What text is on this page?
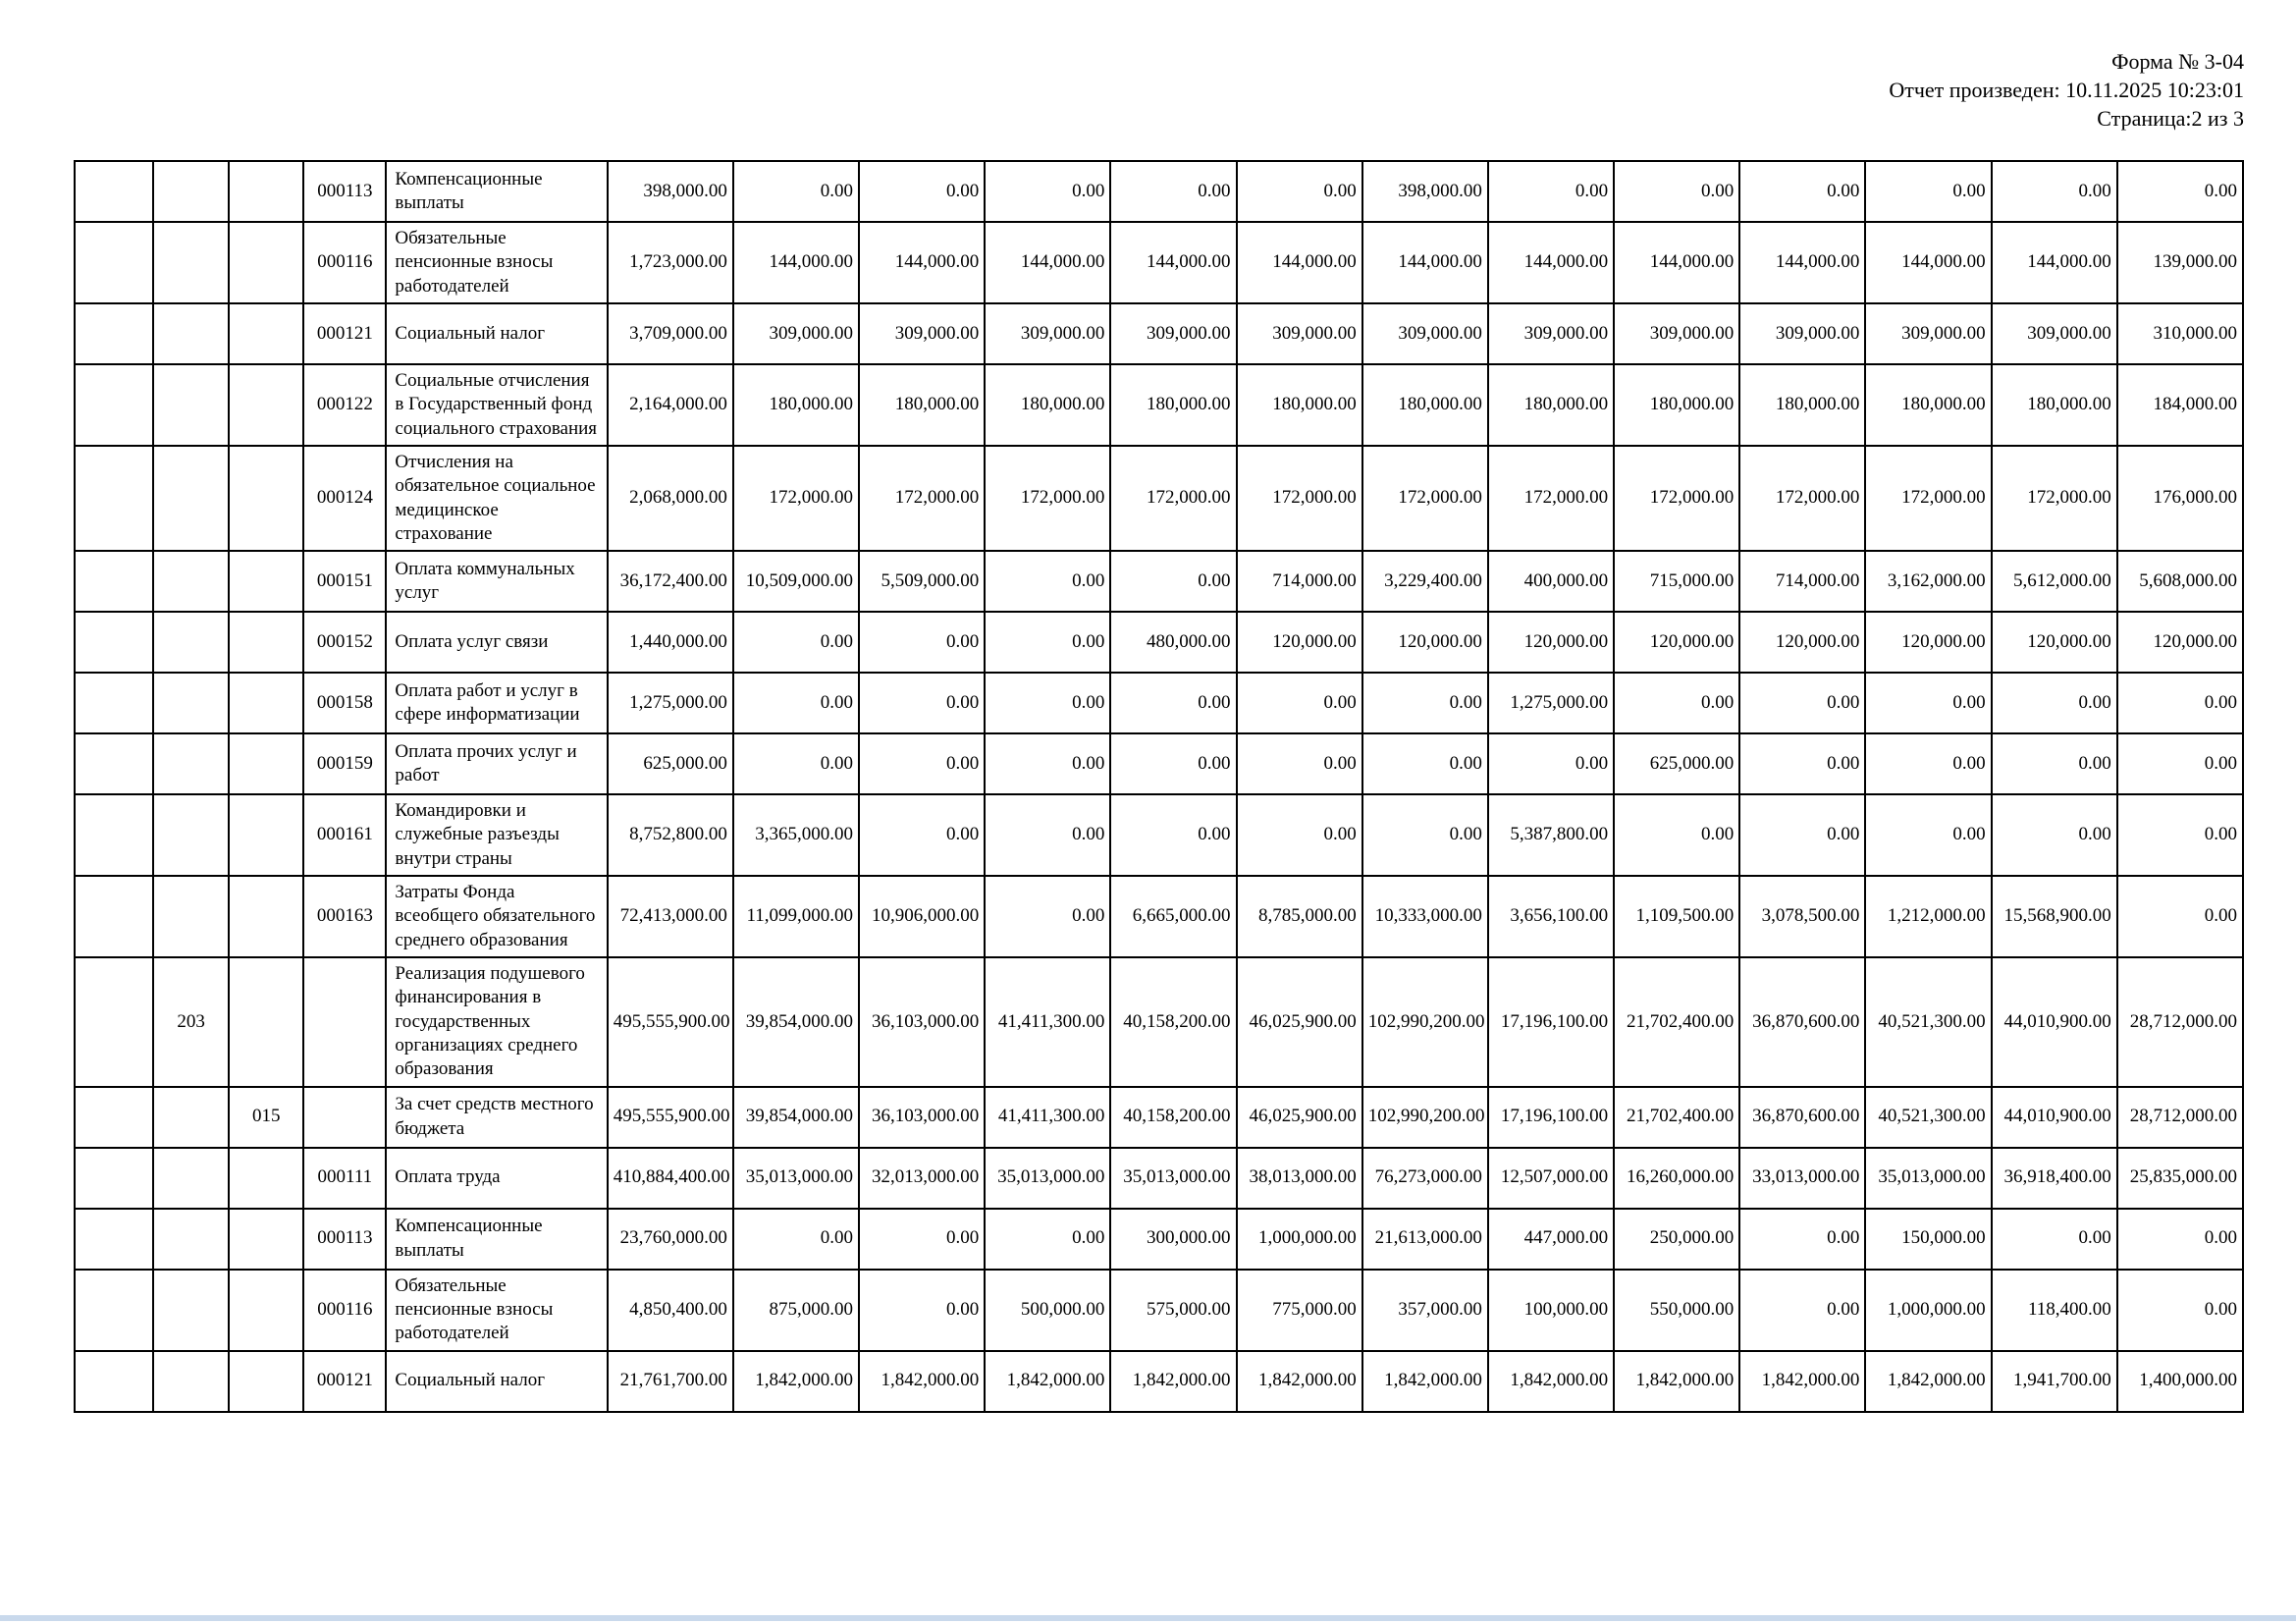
Форма № 3-04
Отчет произведен: 10.11.2025 10:23:01
Страница:2 из 3
			000113	Компенсационные выплаты	398,000.00	0.00	0.00	0.00	0.00	0.00	398,000.00	0.00	0.00	0.00	0.00	0.00	0.00
			000116	Обязательные пенсионные взносы работодателей	1,723,000.00	144,000.00	144,000.00	144,000.00	144,000.00	144,000.00	144,000.00	144,000.00	144,000.00	144,000.00	144,000.00	144,000.00	139,000.00
			000121	Социальный налог	3,709,000.00	309,000.00	309,000.00	309,000.00	309,000.00	309,000.00	309,000.00	309,000.00	309,000.00	309,000.00	309,000.00	309,000.00	310,000.00
			000122	Социальные отчисления в Государственный фонд социального страхования	2,164,000.00	180,000.00	180,000.00	180,000.00	180,000.00	180,000.00	180,000.00	180,000.00	180,000.00	180,000.00	180,000.00	180,000.00	184,000.00
			000124	Отчисления на обязательное социальное медицинское страхование	2,068,000.00	172,000.00	172,000.00	172,000.00	172,000.00	172,000.00	172,000.00	172,000.00	172,000.00	172,000.00	172,000.00	172,000.00	176,000.00
			000151	Оплата коммунальных услуг	36,172,400.00	10,509,000.00	5,509,000.00	0.00	0.00	714,000.00	3,229,400.00	400,000.00	715,000.00	714,000.00	3,162,000.00	5,612,000.00	5,608,000.00
			000152	Оплата услуг связи	1,440,000.00	0.00	0.00	0.00	480,000.00	120,000.00	120,000.00	120,000.00	120,000.00	120,000.00	120,000.00	120,000.00	120,000.00
			000158	Оплата работ и услуг в сфере информатизации	1,275,000.00	0.00	0.00	0.00	0.00	0.00	0.00	1,275,000.00	0.00	0.00	0.00	0.00	0.00
			000159	Оплата прочих услуг и работ	625,000.00	0.00	0.00	0.00	0.00	0.00	0.00	0.00	625,000.00	0.00	0.00	0.00	0.00
			000161	Командировки и служебные разъезды внутри страны	8,752,800.00	3,365,000.00	0.00	0.00	0.00	0.00	0.00	5,387,800.00	0.00	0.00	0.00	0.00	0.00
			000163	Затраты Фонда всеобщего обязательного среднего образования	72,413,000.00	11,099,000.00	10,906,000.00	0.00	6,665,000.00	8,785,000.00	10,333,000.00	3,656,100.00	1,109,500.00	3,078,500.00	1,212,000.00	15,568,900.00	0.00
	203			Реализация подушевого финансирования в государственных организациях среднего образования	495,555,900.00	39,854,000.00	36,103,000.00	41,411,300.00	40,158,200.00	46,025,900.00	102,990,200.00	17,196,100.00	21,702,400.00	36,870,600.00	40,521,300.00	44,010,900.00	28,712,000.00
		015		За счет средств местного бюджета	495,555,900.00	39,854,000.00	36,103,000.00	41,411,300.00	40,158,200.00	46,025,900.00	102,990,200.00	17,196,100.00	21,702,400.00	36,870,600.00	40,521,300.00	44,010,900.00	28,712,000.00
			000111	Оплата труда	410,884,400.00	35,013,000.00	32,013,000.00	35,013,000.00	35,013,000.00	38,013,000.00	76,273,000.00	12,507,000.00	16,260,000.00	33,013,000.00	35,013,000.00	36,918,400.00	25,835,000.00
			000113	Компенсационные выплаты	23,760,000.00	0.00	0.00	0.00	300,000.00	1,000,000.00	21,613,000.00	447,000.00	250,000.00	0.00	150,000.00	0.00	0.00
			000116	Обязательные пенсионные взносы работодателей	4,850,400.00	875,000.00	0.00	500,000.00	575,000.00	775,000.00	357,000.00	100,000.00	550,000.00	0.00	1,000,000.00	118,400.00	0.00
			000121	Социальный налог	21,761,700.00	1,842,000.00	1,842,000.00	1,842,000.00	1,842,000.00	1,842,000.00	1,842,000.00	1,842,000.00	1,842,000.00	1,842,000.00	1,842,000.00	1,941,700.00	1,400,000.00
